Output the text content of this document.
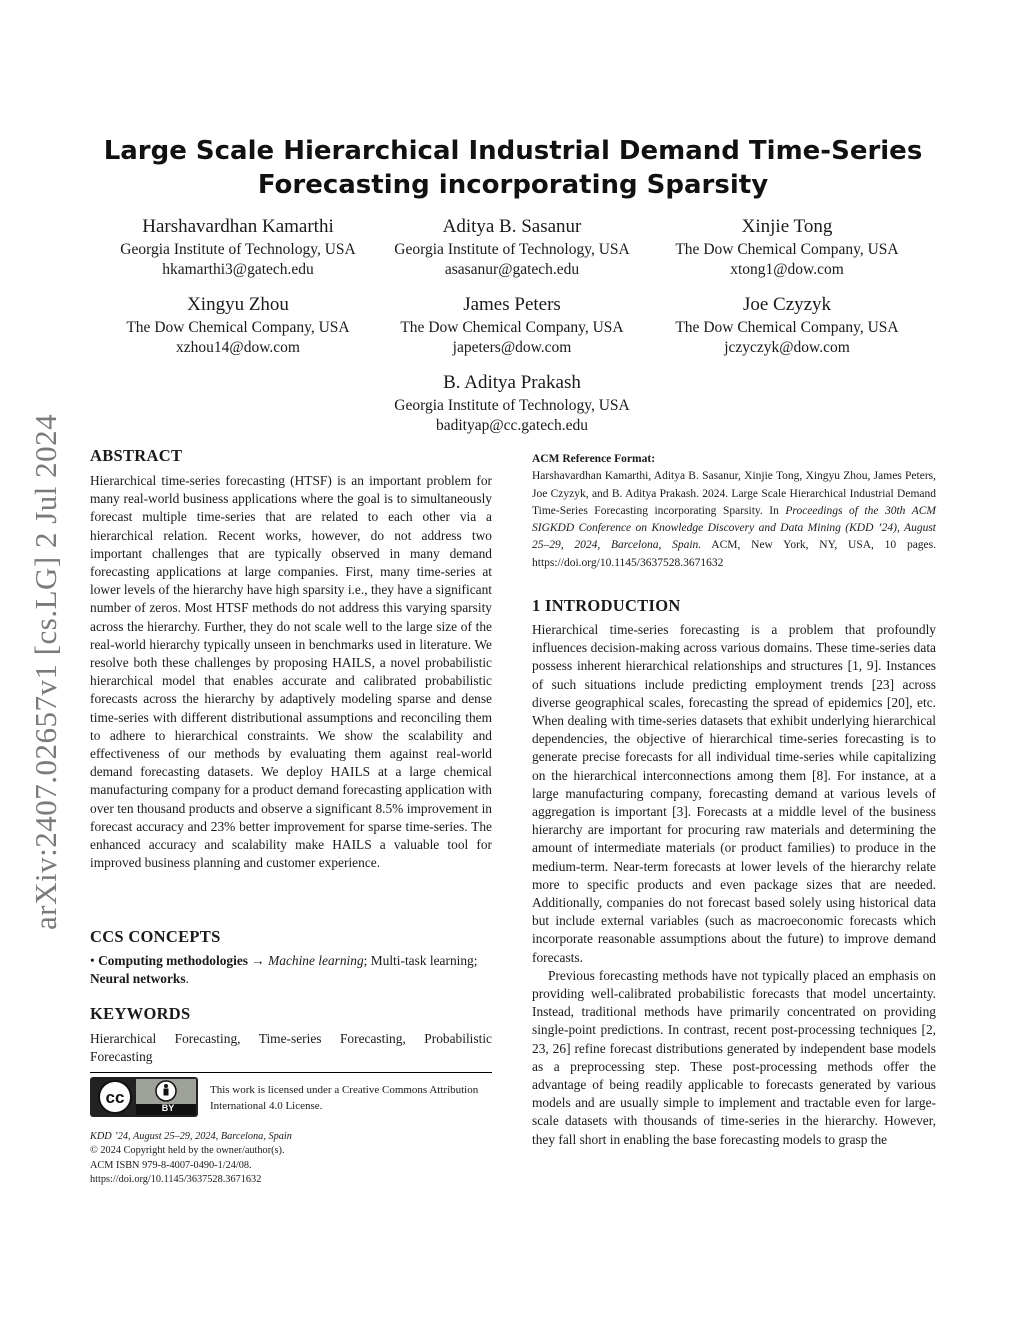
arXiv:2407.02657v1 [cs.LG] 2 Jul 2024
Large Scale Hierarchical Industrial Demand Time-Series Forecasting incorporating Sparsity
Harshavardhan Kamarthi
Georgia Institute of Technology, USA
hkamarthi3@gatech.edu
Aditya B. Sasanur
Georgia Institute of Technology, USA
asasanur@gatech.edu
Xinjie Tong
The Dow Chemical Company, USA
xtong1@dow.com
Xingyu Zhou
The Dow Chemical Company, USA
xzhou14@dow.com
James Peters
The Dow Chemical Company, USA
japeters@dow.com
Joe Czyzyk
The Dow Chemical Company, USA
jczyczyk@dow.com
B. Aditya Prakash
Georgia Institute of Technology, USA
badityap@cc.gatech.edu
ABSTRACT

Hierarchical time-series forecasting (HTSF) is an important problem for many real-world business applications where the goal is to simultaneously forecast multiple time-series that are related to each other via a hierarchical relation. Recent works, however, do not address two important challenges that are typically observed in many demand forecasting applications at large companies. First, many time-series at lower levels of the hierarchy have high sparsity i.e., they have a significant number of zeros. Most HTSF methods do not address this varying sparsity across the hierarchy. Further, they do not scale well to the large size of the real-world hierarchy typically unseen in benchmarks used in literature. We resolve both these challenges by proposing HAILS, a novel probabilistic hierarchical model that enables accurate and calibrated probabilistic forecasts across the hierarchy by adaptively modeling sparse and dense time-series with different distributional assumptions and reconciling them to adhere to hierarchical constraints. We show the scalability and effectiveness of our methods by evaluating them against real-world demand forecasting datasets. We deploy HAILS at a large chemical manufacturing company for a product demand forecasting application with over ten thousand products and observe a significant 8.5% improvement in forecast accuracy and 23% better improvement for sparse time-series. The enhanced accuracy and scalability make HAILS a valuable tool for improved business planning and customer experience.

CCS CONCEPTS

• Computing methodologies → Machine learning; Multi-task learning; Neural networks.

KEYWORDS

Hierarchical Forecasting, Time-series Forecasting, Probabilistic Forecasting

cc
BY
This work is licensed under a Creative Commons Attribution International 4.0 License.
KDD ’24, August 25–29, 2024, Barcelona, Spain
© 2024 Copyright held by the owner/author(s).
ACM ISBN 979-8-4007-0490-1/24/08.
https://doi.org/10.1145/3637528.3671632
ACM Reference Format:

Harshavardhan Kamarthi, Aditya B. Sasanur, Xinjie Tong, Xingyu Zhou, James Peters, Joe Czyzyk, and B. Aditya Prakash. 2024. Large Scale Hierarchical Industrial Demand Time-Series Forecasting incorporating Sparsity. In Proceedings of the 30th ACM SIGKDD Conference on Knowledge Discovery and Data Mining (KDD ’24), August 25–29, 2024, Barcelona, Spain. ACM, New York, NY, USA, 10 pages. https://doi.org/10.1145/3637528.3671632

1 INTRODUCTION

Hierarchical time-series forecasting is a problem that profoundly influences decision-making across various domains. These time-series data possess inherent hierarchical relationships and structures [1, 9]. Instances of such situations include predicting employment trends [23] across diverse geographical scales, forecasting the spread of epidemics [20], etc. When dealing with time-series datasets that exhibit underlying hierarchical dependencies, the objective of hierarchical time-series forecasting is to generate precise forecasts for all individual time-series while capitalizing on the hierarchical interconnections among them [8]. For instance, at a large manufacturing company, forecasting demand at various levels of aggregation is important [3]. Forecasts at a middle level of the business hierarchy are important for procuring raw materials and determining the amount of intermediate materials (or product families) to produce in the medium-term. Near-term forecasts at lower levels of the hierarchy relate more to specific products and even package sizes that are needed. Additionally, companies do not forecast based solely using historical data but include external variables (such as macroeconomic forecasts which incorporate reasonable assumptions about the future) to improve demand forecasts.

Previous forecasting methods have not typically placed an emphasis on providing well-calibrated probabilistic forecasts that model uncertainty. Instead, traditional methods have primarily concentrated on providing single-point predictions. In contrast, recent post-processing techniques [2, 23, 26] refine forecast distributions generated by independent base models as a preprocessing step. These post-processing methods offer the advantage of being readily applicable to forecasts generated by various models and are usually simple to implement and tractable even for large-scale datasets with thousands of time-series in the hierarchy. However, they fall short in enabling the base forecasting models to grasp the
